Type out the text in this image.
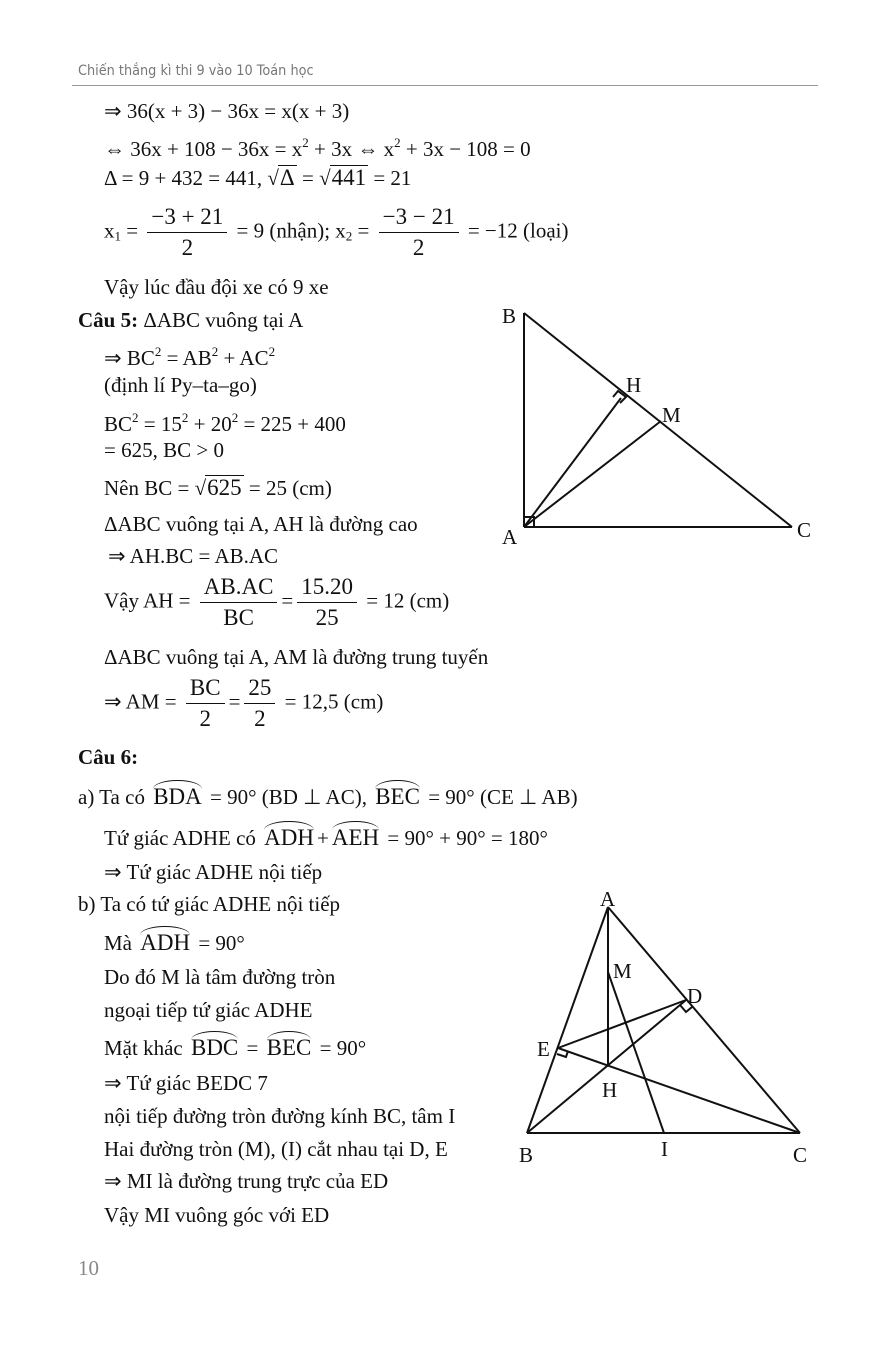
Chiến thắng kì thi 9 vào 10 Toán học
⇒ 36(x + 3) − 36x = x(x + 3)
⇔ $36x + 108 - 36x = x^2 + 3x$ ⇔ $x^2 + 3x - 108 = 0$
Δ = 9 + 432 = 441, √Δ = √441 = 21
$x_1 = \frac{-3 + 21}{2} = 9$ (nhận); $x_2 = \frac{-3 - 21}{2} = -12$ (loại)
Vậy lúc đầu đội xe có 9 xe
Câu 5: ΔABC vuông tại A
⇒ $BC^2 = AB^2 + AC^2$
(định lí Py–ta–go)
$BC^2 = 15^2 + 20^2 = 225 + 400$
= 625, BC > 0
Nên BC = √625 = 25 (cm)
ΔABC vuông tại A, AH là đường cao
⇒ AH.BC = AB.AC
Vậy AH = $\frac{AB.AC}{BC} = \frac{15.20}{25} = 12$ (cm)
ΔABC vuông tại A, AM là đường trung tuyến
⇒ AM = $\frac{BC}{2} = \frac{25}{2} = 12,5$ (cm)
Câu 6:
a) Ta có BDA = 90° (BD ⊥ AC), BEC = 90° (CE ⊥ AB)
Tứ giác ADHE có ADH + AEH = 90° + 90° = 180°
⇒ Tứ giác ADHE nội tiếp
b) Ta có tứ giác ADHE nội tiếp
Mà ADH = 90°
Do đó M là tâm đường tròn
ngoại tiếp tứ giác ADHE
Mặt khác BDC = BEC = 90°
⇒ Tứ giác BEDC 7
nội tiếp đường tròn đường kính BC, tâm I
Hai đường tròn (M), (I) cắt nhau tại D, E
⇒ MI là đường trung trực của ED
Vậy MI vuông góc với ED
10
B
H
M
A	C
A
M
D
E
H
B	I	C
